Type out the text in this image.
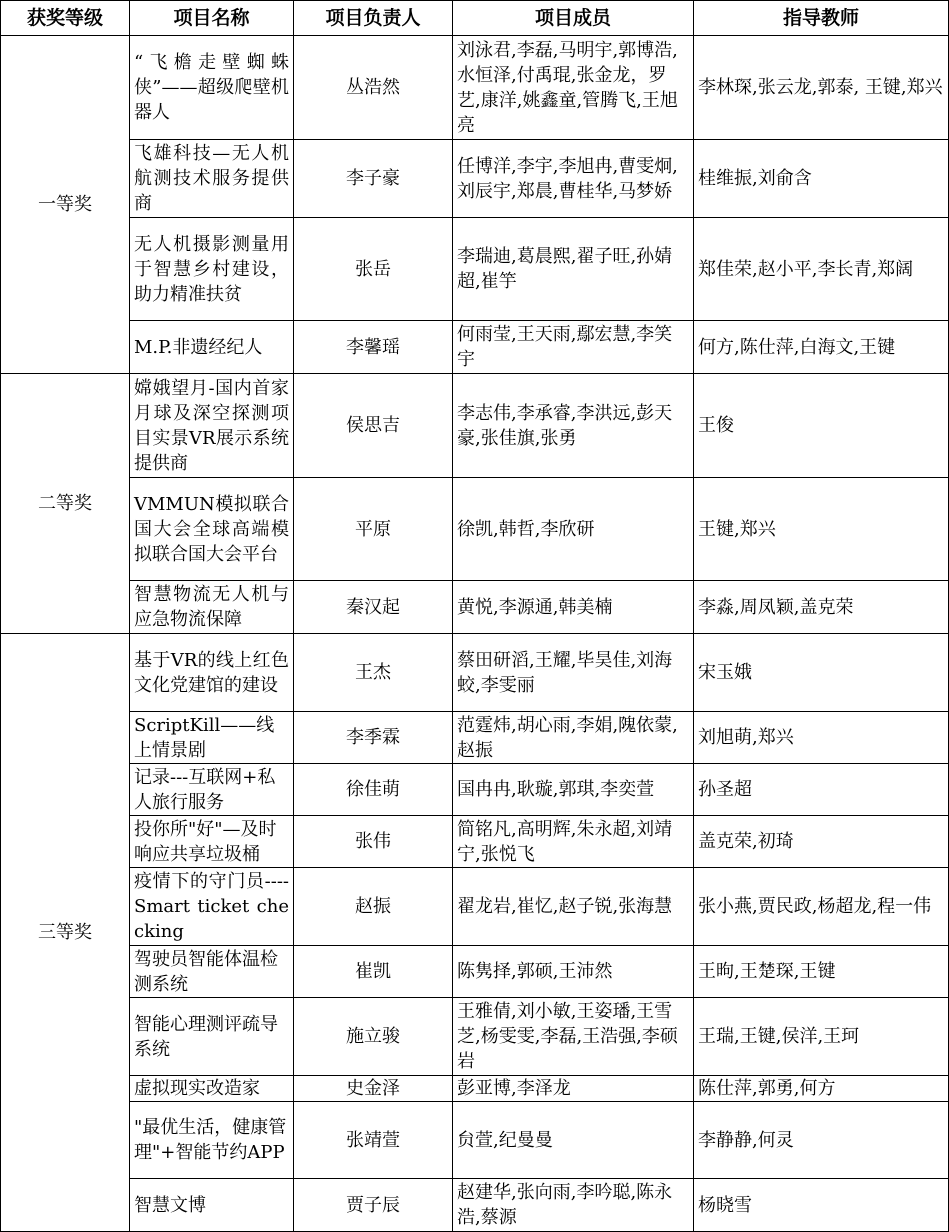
获奖等级	项目名称	项目负责人	项目成员	指导教师
一等奖	“飞檐走壁蜘蛛侠”——超级爬壁机器人	丛浩然	刘泳君,李磊,马明宇,郭博浩,水恒泽,付禹琨,张金龙，罗艺,康洋,姚鑫童,管腾飞,王旭亮	李林琛,张云龙,郭泰, 王键,郑兴
	飞雄科技—无人机航测技术服务提供商	李子豪	任博洋,李宇,李旭冉,曹雯炯,刘辰宇,郑晨,曹桂华,马梦娇	桂维振,刘俞含
	无人机摄影测量用于智慧乡村建设，助力精准扶贫	张岳	李瑞迪,葛晨熙,翟子旺,孙婧超,崔竽	郑佳荣,赵小平,李长青,郑阔
	M.P.非遗经纪人	李馨瑶	何雨莹,王天雨,鄢宏慧,李笑宇	何方,陈仕萍,白海文,王键
二等奖	嫦娥望月-国内首家月球及深空探测项目实景VR展示系统提供商	侯思吉	李志伟,李承睿,李洪远,彭天豪,张佳旗,张勇	王俊
	VMMUN模拟联合国大会全球高端模拟联合国大会平台	平原	徐凯,韩哲,李欣研	王键,郑兴
	智慧物流无人机与应急物流保障	秦汉起	黄悦,李源通,韩美楠	李淼,周凤颖,盖克荣
三等奖	基于VR的线上红色文化党建馆的建设	王杰	蔡田研滔,王耀,毕昊佳,刘海蛟,李雯丽	宋玉娥
	ScriptKill——线上情景剧	李季霖	范霆炜,胡心雨,李娟,隗依蒙,赵振	刘旭萌,郑兴
	记录---互联网+私人旅行服务	徐佳萌	国冉冉,耿璇,郭琪,李奕萱	孙圣超
	投你所"好"—及时响应共享垃圾桶	张伟	简铭凡,高明辉,朱永超,刘靖宁,张悦飞	盖克荣,初琦
	疫情下的守门员----Smart ticket checking	赵振	翟龙岩,崔忆,赵子锐,张海慧	张小燕,贾民政,杨超龙,程一伟
	驾驶员智能体温检测系统	崔凯	陈隽择,郭硕,王沛然	王昫,王楚琛,王键
	智能心理测评疏导系统	施立骏	王雅倩,刘小敏,王姿璠,王雪芝,杨雯雯,李磊,王浩强,李硕岩	王瑞,王键,侯洋,王珂
	虚拟现实改造家	史金泽	彭亚博,李泽龙	陈仕萍,郭勇,何方
	"最优生活，健康管理"+智能节约APP	张靖萱	贠萱,纪曼曼	李静静,何灵
	智慧文博	贾子辰	赵建华,张向雨,李吟聪,陈永浩,蔡源	杨晓雪
